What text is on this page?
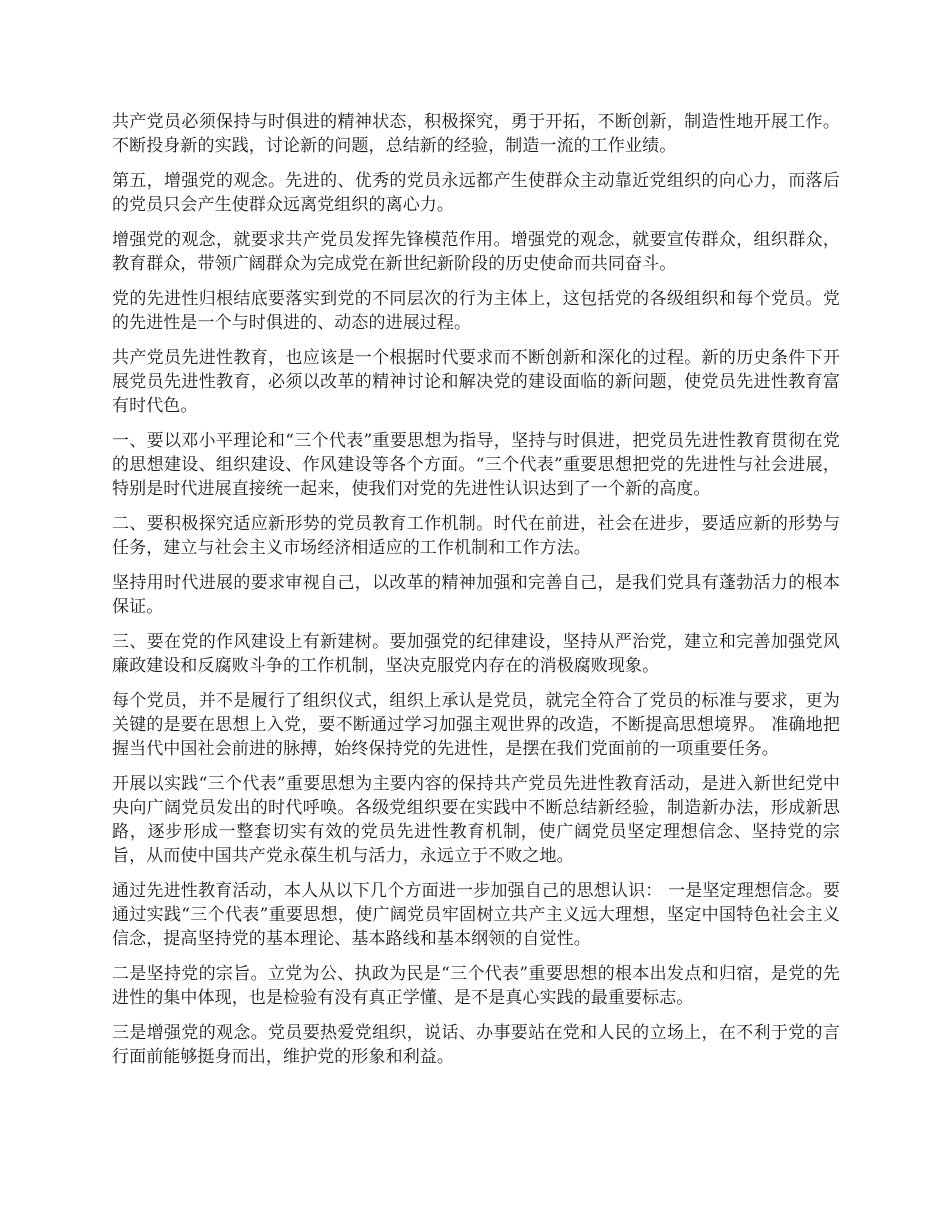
共产党员必须保持与时俱进的精神状态，积极探究，勇于开拓，不断创新，制造性地开展工作。不断投身新的实践，讨论新的问题，总结新的经验，制造一流的工作业绩。

第五，增强党的观念。先进的、优秀的党员永远都产生使群众主动靠近党组织的向心力，而落后的党员只会产生使群众远离党组织的离心力。

增强党的观念，就要求共产党员发挥先锋模范作用。增强党的观念，就要宣传群众，组织群众，教育群众，带领广阔群众为完成党在新世纪新阶段的历史使命而共同奋斗。

党的先进性归根结底要落实到党的不同层次的行为主体上，这包括党的各级组织和每个党员。党的先进性是一个与时俱进的、动态的进展过程。

共产党员先进性教育，也应该是一个根据时代要求而不断创新和深化的过程。新的历史条件下开展党员先进性教育，必须以改革的精神讨论和解决党的建设面临的新问题，使党员先进性教育富有时代色。

一、要以邓小平理论和“三个代表”重要思想为指导，坚持与时俱进，把党员先进性教育贯彻在党的思想建设、组织建设、作风建设等各个方面。“三个代表”重要思想把党的先进性与社会进展，特别是时代进展直接统一起来，使我们对党的先进性认识达到了一个新的高度。

二、要积极探究适应新形势的党员教育工作机制。时代在前进，社会在进步，要适应新的形势与任务，建立与社会主义市场经济相适应的工作机制和工作方法。

坚持用时代进展的要求审视自己，以改革的精神加强和完善自己，是我们党具有蓬勃活力的根本保证。

三、要在党的作风建设上有新建树。要加强党的纪律建设，坚持从严治党，建立和完善加强党风廉政建设和反腐败斗争的工作机制，坚决克服党内存在的消极腐败现象。

每个党员，并不是履行了组织仪式，组织上承认是党员，就完全符合了党员的标准与要求，更为关键的是要在思想上入党，要不断通过学习加强主观世界的改造，不断提高思想境界。 准确地把握当代中国社会前进的脉搏，始终保持党的先进性，是摆在我们党面前的一项重要任务。

开展以实践“三个代表”重要思想为主要内容的保持共产党员先进性教育活动，是进入新世纪党中央向广阔党员发出的时代呼唤。各级党组织要在实践中不断总结新经验，制造新办法，形成新思路，逐步形成一整套切实有效的党员先进性教育机制，使广阔党员坚定理想信念、坚持党的宗旨，从而使中国共产党永葆生机与活力，永远立于不败之地。

通过先进性教育活动，本人从以下几个方面进一步加强自己的思想认识： 一是坚定理想信念。要通过实践“三个代表”重要思想，使广阔党员牢固树立共产主义远大理想，坚定中国特色社会主义信念，提高坚持党的基本理论、基本路线和基本纲领的自觉性。

二是坚持党的宗旨。立党为公、执政为民是“三个代表”重要思想的根本出发点和归宿，是党的先进性的集中体现，也是检验有没有真正学懂、是不是真心实践的最重要标志。

三是增强党的观念。党员要热爱党组织，说话、办事要站在党和人民的立场上，在不利于党的言行面前能够挺身而出，维护党的形象和利益。
